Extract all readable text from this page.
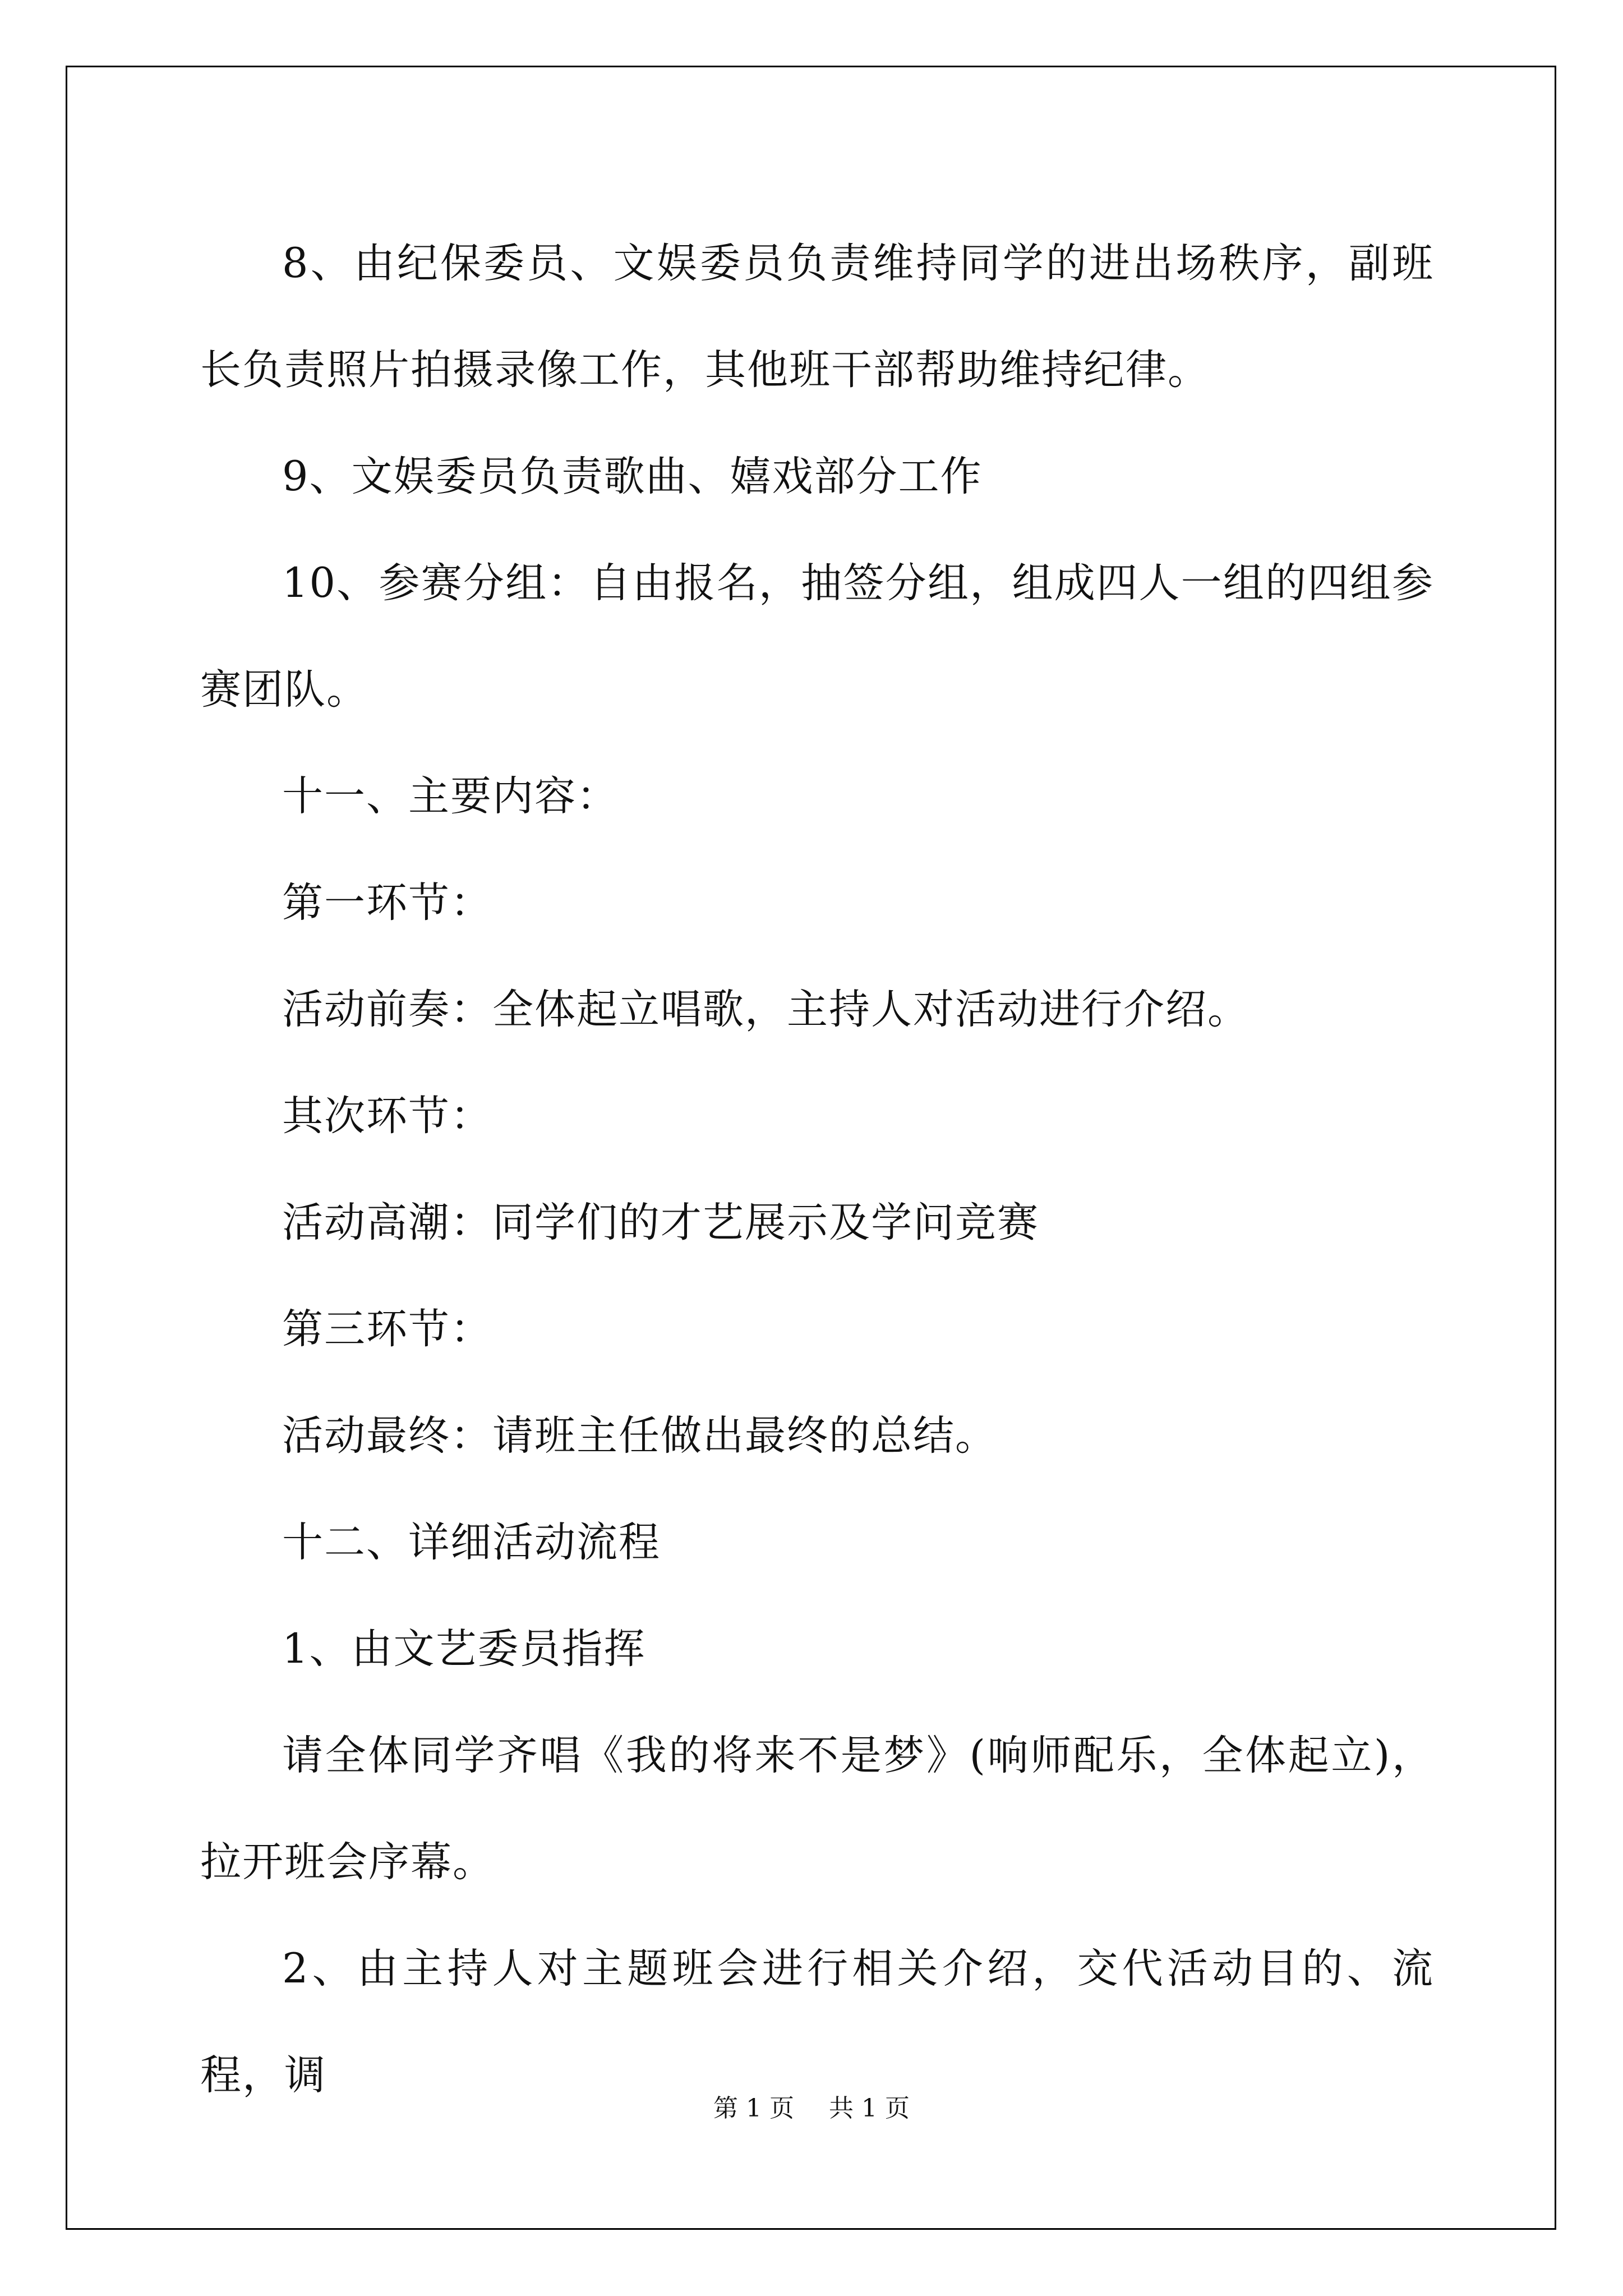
8、由纪保委员、文娱委员负责维持同学的进出场秩序，副班长负责照片拍摄录像工作，其他班干部帮助维持纪律。

9、文娱委员负责歌曲、嬉戏部分工作

10、参赛分组：自由报名，抽签分组，组成四人一组的四组参赛团队。

十一、主要内容：

第一环节：

活动前奏：全体起立唱歌，主持人对活动进行介绍。

其次环节：

活动高潮：同学们的才艺展示及学问竞赛

第三环节：

活动最终：请班主任做出最终的总结。

十二、详细活动流程

1、由文艺委员指挥

请全体同学齐唱《我的将来不是梦》(响师配乐，全体起立)，拉开班会序幕。

2、由主持人对主题班会进行相关介绍，交代活动目的、流程，调

第 1 页 共 1 页
